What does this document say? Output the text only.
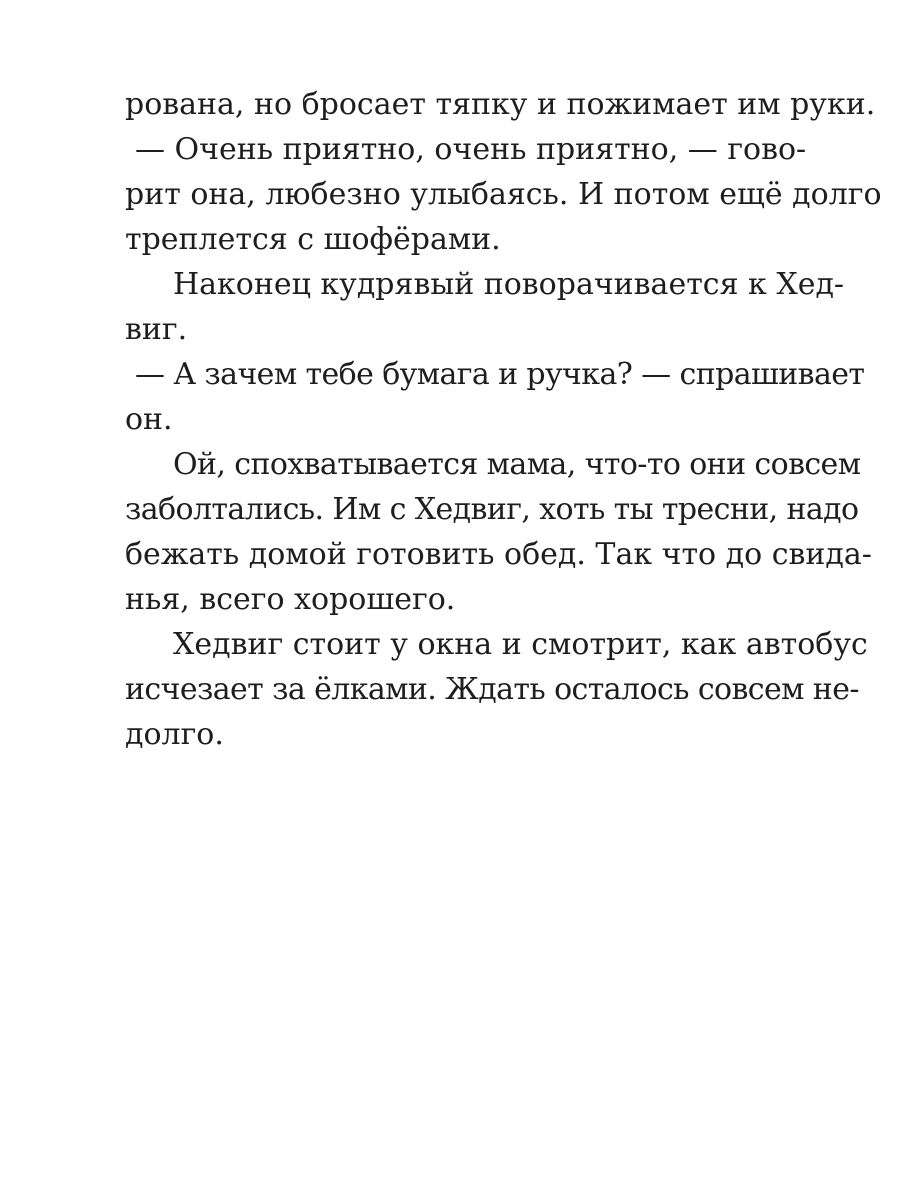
рована, но бросает тяпку и пожимает им руки.
— Очень приятно, очень приятно, — гово-
рит она, любезно улыбаясь. И потом ещё долго
треплется с шофёрами.
Наконец кудрявый поворачивается к Хед-
виг.
— А зачем тебе бумага и ручка? — спрашивает
он.
Ой, спохватывается мама, что-то они совсем
заболтались. Им с Хедвиг, хоть ты тресни, надо
бежать домой готовить обед. Так что до свида-
нья, всего хорошего.
Хедвиг стоит у окна и смотрит, как автобус
исчезает за ёлками. Ждать осталось совсем не-
долго.
